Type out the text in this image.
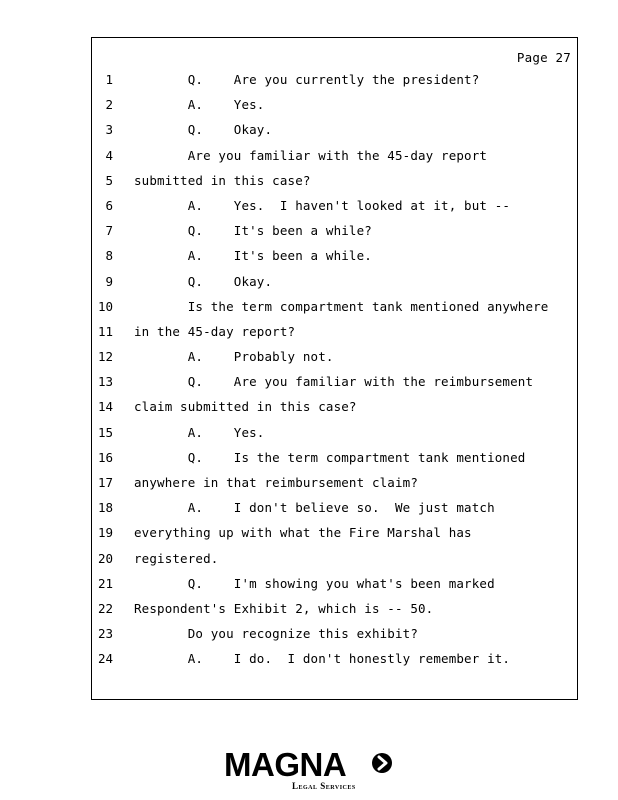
Page 27
1 Q.    Are you currently the president?
2 A.    Yes.
3 Q.    Okay.
4 Are you familiar with the 45-day report
5 submitted in this case?
6 A.    Yes.  I haven't looked at it, but --
7 Q.    It's been a while?
8 A.    It's been a while.
9 Q.    Okay.
10 Is the term compartment tank mentioned anywhere
11 in the 45-day report?
12 A.    Probably not.
13 Q.    Are you familiar with the reimbursement
14 claim submitted in this case?
15 A.    Yes.
16 Q.    Is the term compartment tank mentioned
17 anywhere in that reimbursement claim?
18 A.    I don't believe so.  We just match
19 everything up with what the Fire Marshal has
20 registered.
21 Q.    I'm showing you what's been marked
22 Respondent's Exhibit 2, which is -- 50.
23 Do you recognize this exhibit?
24 A.    I do.  I don't honestly remember it.
MAGNA
Legal Services
